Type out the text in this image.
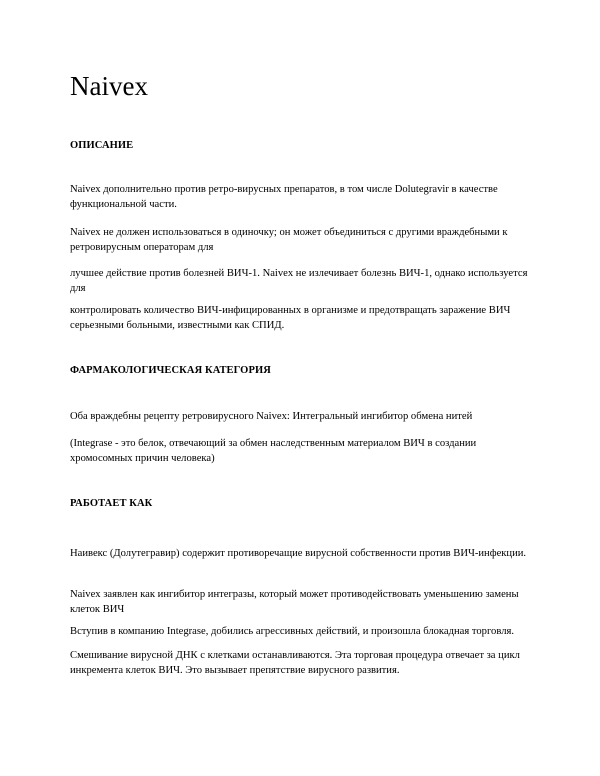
Naivex
ОПИСАНИЕ

Naivex дополнительно против ретро-вирусных препаратов, в том числе Dolutegravir в качестве функциональной части.

Naivex не должен использоваться в одиночку; он может объединиться с другими враждебными к ретровирусным операторам для

лучшее действие против болезней ВИЧ-1. Naivex не излечивает болезнь ВИЧ-1, однако используется для

контролировать количество ВИЧ-инфицированных в организме и предотвращать заражение ВИЧ серьезными больными, известными как СПИД.

ФАРМАКОЛОГИЧЕСКАЯ КАТЕГОРИЯ

Оба враждебны рецепту ретровирусного Naivex: Интегральный ингибитор обмена нитей

(Integrase - это белок, отвечающий за обмен наследственным материалом ВИЧ в создании хромосомных причин человека)

РАБОТАЕТ КАК

Наивекс (Долутегравир) содержит противоречащие вирусной собственности против ВИЧ-инфекции.

Naivex заявлен как ингибитор интегразы, который может противодействовать уменьшению замены клеток ВИЧ

Вступив в компанию Integrase, добились агрессивных действий, и произошла блокадная торговля.

Смешивание вирусной ДНК с клетками останавливаются. Эта торговая процедура отвечает за цикл инкремента клеток ВИЧ. Это вызывает препятствие вирусного развития.
